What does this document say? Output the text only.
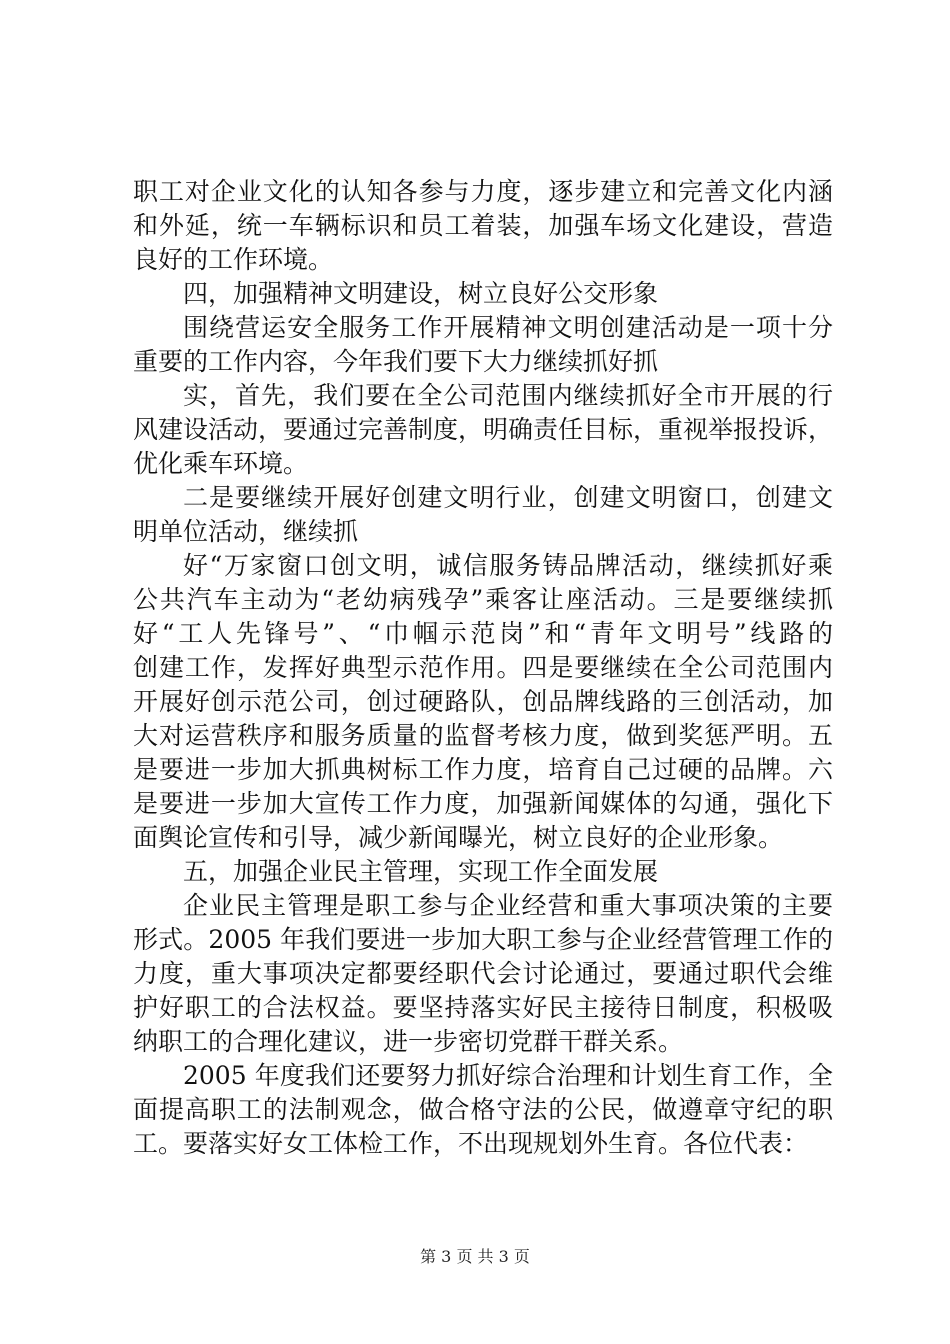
职工对企业文化的认知各参与力度，逐步建立和完善文化内涵
和外延，统一车辆标识和员工着装，加强车场文化建设，营造
良好的工作环境。
四，加强精神文明建设，树立良好公交形象
围绕营运安全服务工作开展精神文明创建活动是一项十分
重要的工作内容，今年我们要下大力继续抓好抓
实，首先，我们要在全公司范围内继续抓好全市开展的行
风建设活动，要通过完善制度，明确责任目标，重视举报投诉，
优化乘车环境。
二是要继续开展好创建文明行业，创建文明窗口，创建文
明单位活动，继续抓
好“万家窗口创文明，诚信服务铸品牌活动，继续抓好乘
公共汽车主动为“老幼病残孕”乘客让座活动。三是要继续抓
好“工人先锋号”、“巾帼示范岗”和“青年文明号”线路的
创建工作，发挥好典型示范作用。四是要继续在全公司范围内
开展好创示范公司，创过硬路队，创品牌线路的三创活动，加
大对运营秩序和服务质量的监督考核力度，做到奖惩严明。五
是要进一步加大抓典树标工作力度，培育自己过硬的品牌。六
是要进一步加大宣传工作力度，加强新闻媒体的勾通，强化下
面舆论宣传和引导，减少新闻曝光，树立良好的企业形象。
五，加强企业民主管理，实现工作全面发展
企业民主管理是职工参与企业经营和重大事项决策的主要
形式。2005 年我们要进一步加大职工参与企业经营管理工作的
力度，重大事项决定都要经职代会讨论通过，要通过职代会维
护好职工的合法权益。要坚持落实好民主接待日制度，积极吸
纳职工的合理化建议，进一步密切党群干群关系。
2005 年度我们还要努力抓好综合治理和计划生育工作，全
面提高职工的法制观念，做合格守法的公民，做遵章守纪的职
工。要落实好女工体检工作，不出现规划外生育。各位代表：
第 3 页 共 3 页
